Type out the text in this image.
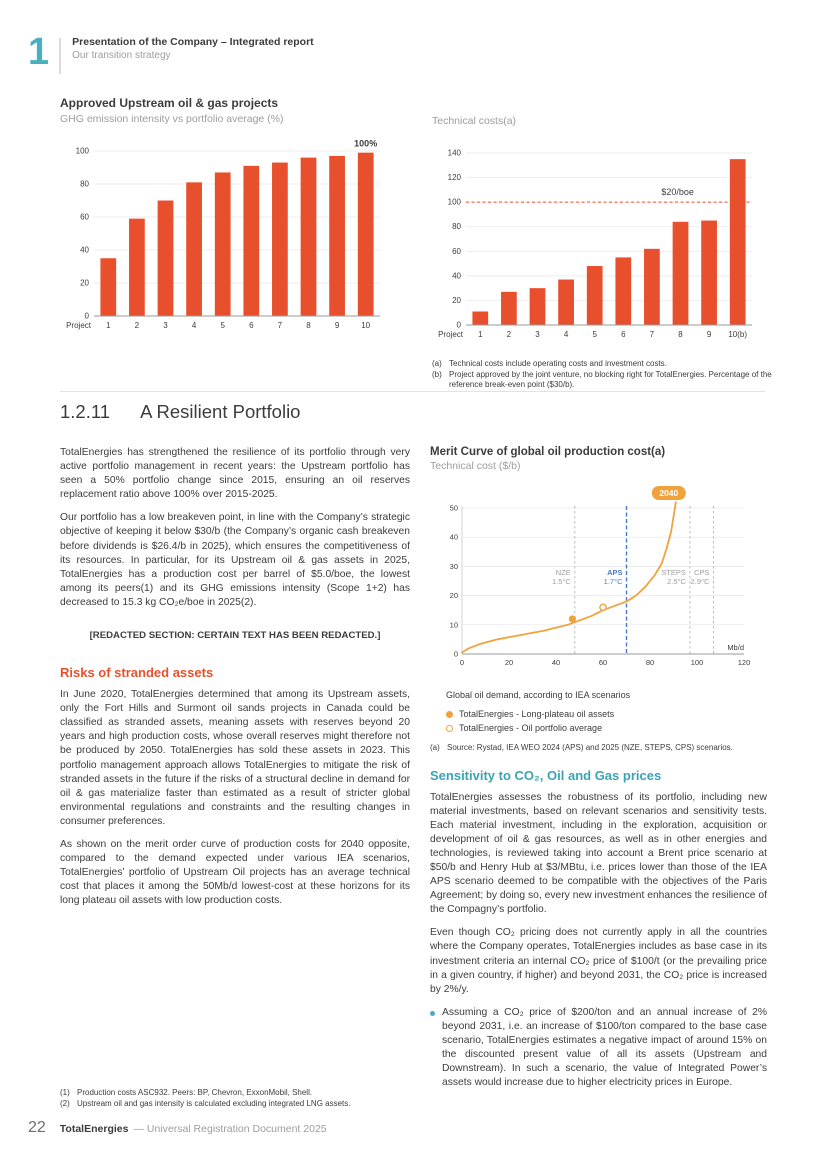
1 Presentation of the Company – Integrated report
Our transition strategy
Approved Upstream oil & gas projects
GHG emission intensity vs portfolio average (%)
0
20
40
60
80
100
1	2	3	4	5	6	7	8	9	10
Project
100%
Technical costs(a)
0
20
40
60
80
100
120
140
1	2	3	4	5	6	7	8	9 10(b)
Project
$20/boe
(a) Technical costs include operating costs and investment costs.
(b) Project approved by the joint venture, no blocking right for TotalEnergies. Percentage of the reference break-even point ($30/b).
1.2.11 A Resilient Portfolio

TotalEnergies has strengthened the resilience of its portfolio through very active portfolio management in recent years: the Upstream portfolio has seen a 50% portfolio change since 2015, ensuring an oil reserves replacement ratio above 100% over 2015-2025.

Our portfolio has a low breakeven point, in line with the Company’s strategic objective of keeping it below $30/b (the Company’s organic cash breakeven before dividends is $26.4/b in 2025), which ensures the competitiveness of its resources. In particular, for its Upstream oil & gas assets in 2025, TotalEnergies has a production cost per barrel of $5.0/boe, the lowest among its peers(1) and its GHG emissions intensity (Scope 1+2) has decreased to 15.3 kg CO₂e/boe in 2025(2).

[REDACTED SECTION: CERTAIN TEXT HAS BEEN REDACTED.]
Risks of stranded assets

In June 2020, TotalEnergies determined that among its Upstream assets, only the Fort Hills and Surmont oil sands projects in Canada could be classified as stranded assets, meaning assets with reserves beyond 20 years and high production costs, whose overall reserves might therefore not be produced by 2050. TotalEnergies has sold these assets in 2023. This portfolio management approach allows TotalEnergies to mitigate the risk of stranded assets in the future if the risks of a structural decline in demand for oil & gas materialize faster than estimated as a result of stricter global environmental regulations and constraints and the resulting changes in consumer preferences.

As shown on the merit order curve of production costs for 2040 opposite, compared to the demand expected under various IEA scenarios, TotalEnergies’ portfolio of Upstream Oil projects has an average technical cost that places it among the 50Mb/d lowest-cost at these horizons for its long plateau oil assets with low production costs.

Merit Curve of global oil production cost(a)
Technical cost ($/b)
0
10
20
30
40
50
0	20	40	60	80	100	120
NZE
1.5°C
APS
1.7°C
STEPS
2.5°C
CPS
2.9°C
Mb/d
2040
Global oil demand, according to IEA scenarios
TotalEnergies - Long-plateau oil assets
TotalEnergies - Oil portfolio average
(a) Source: Rystad, IEA WEO 2024 (APS) and 2025 (NZE, STEPS, CPS) scenarios.
Sensitivity to CO₂, Oil and Gas prices

TotalEnergies assesses the robustness of its portfolio, including new material investments, based on relevant scenarios and sensitivity tests. Each material investment, including in the exploration, acquisition or development of oil & gas resources, as well as in other energies and technologies, is reviewed taking into account a Brent price scenario at $50/b and Henry Hub at $3/MBtu, i.e. prices lower than those of the IEA APS scenario deemed to be compatible with the objectives of the Paris Agreement; by doing so, every new investment enhances the resilience of the Compagny’s portfolio.

Even though CO₂ pricing does not currently apply in all the countries where the Company operates, TotalEnergies includes as base case in its investment criteria an internal CO₂ price of $100/t (or the prevailing price in a given country, if higher) and beyond 2031, the CO₂ price is increased by 2%/y.

Assuming a CO₂ price of $200/ton and an annual increase of 2% beyond 2031, i.e. an increase of $100/ton compared to the base case scenario, TotalEnergies estimates a negative impact of around 15% on the discounted present value of all its assets (Upstream and Downstream). In such a scenario, the value of Integrated Power’s assets would increase due to higher electricity prices in Europe.
(1) Production costs ASC932. Peers: BP, Chevron, ExxonMobil, Shell.
(2) Upstream oil and gas intensity is calculated excluding integrated LNG assets.
22 TotalEnergies — Universal Registration Document 2025
